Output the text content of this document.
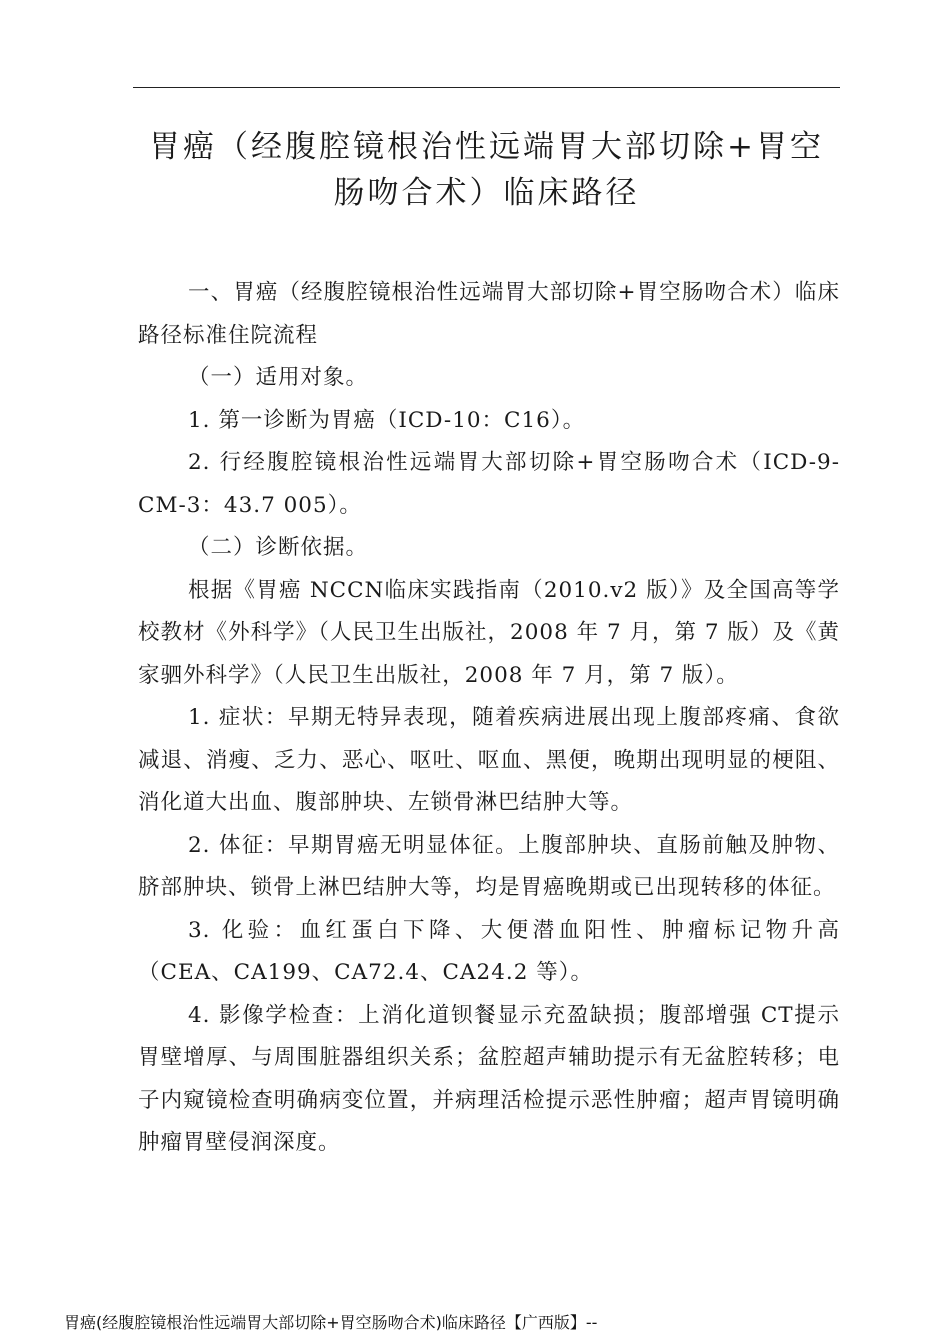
胃癌（经腹腔镜根治性远端胃大部切除+胃空
肠吻合术）临床路径

一、胃癌（经腹腔镜根治性远端胃大部切除+胃空肠吻合术）临床路径标准住院流程

（一）适用对象。

1. 第一诊断为胃癌（ICD-10：C16）。

2. 行经腹腔镜根治性远端胃大部切除+胃空肠吻合术（ICD-9-CM-3：43.7 005）。

（二）诊断依据。

根据《胃癌 NCCN临床实践指南（2010.v2 版）》及全国高等学校教材《外科学》（人民卫生出版社，2008 年 7 月，第 7 版）及《黄家驷外科学》（人民卫生出版社，2008 年 7 月，第 7 版）。

1. 症状：早期无特异表现，随着疾病进展出现上腹部疼痛、食欲减退、消瘦、乏力、恶心、呕吐、呕血、黑便，晚期出现明显的梗阻、消化道大出血、腹部肿块、左锁骨淋巴结肿大等。

2. 体征：早期胃癌无明显体征。上腹部肿块、直肠前触及肿物、脐部肿块、锁骨上淋巴结肿大等，均是胃癌晚期或已出现转移的体征。

3. 化验：血红蛋白下降、大便潜血阳性、肿瘤标记物升高（CEA、CA199、CA72.4、CA24.2 等）。

4. 影像学检查：上消化道钡餐显示充盈缺损；腹部增强 CT提示胃壁增厚、与周围脏器组织关系；盆腔超声辅助提示有无盆腔转移；电子内窥镜检查明确病变位置，并病理活检提示恶性肿瘤；超声胃镜明确肿瘤胃壁侵润深度。

胃癌(经腹腔镜根治性远端胃大部切除+胃空肠吻合术)临床路径【广西版】--
